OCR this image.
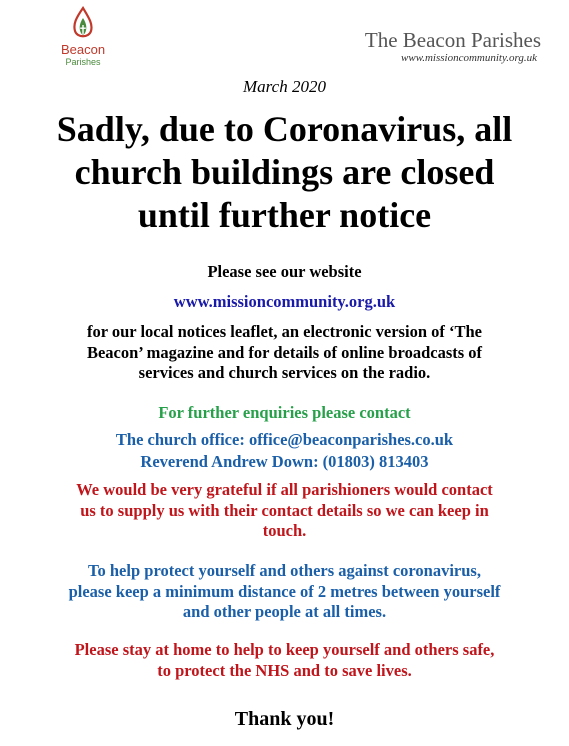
Beacon
Parishes
The Beacon Parishes
www.missioncommunity.org.uk
March 2020
Sadly, due to Coronavirus, all
church buildings are closed
until further notice
Please see our website
www.missioncommunity.org.uk
for our local notices leaflet, an electronic version of ‘The
Beacon’ magazine and for details of online broadcasts of
services and church services on the radio.
For further enquiries please contact
The church office: office@beaconparishes.co.uk
Reverend Andrew Down: (01803) 813403
We would be very grateful if all parishioners would contact
us to supply us with their contact details so we can keep in
touch.
To help protect yourself and others against coronavirus,
please keep a minimum distance of 2 metres between yourself
and other people at all times.
Please stay at home to help to keep yourself and others safe,
to protect the NHS and to save lives.
Thank you!
